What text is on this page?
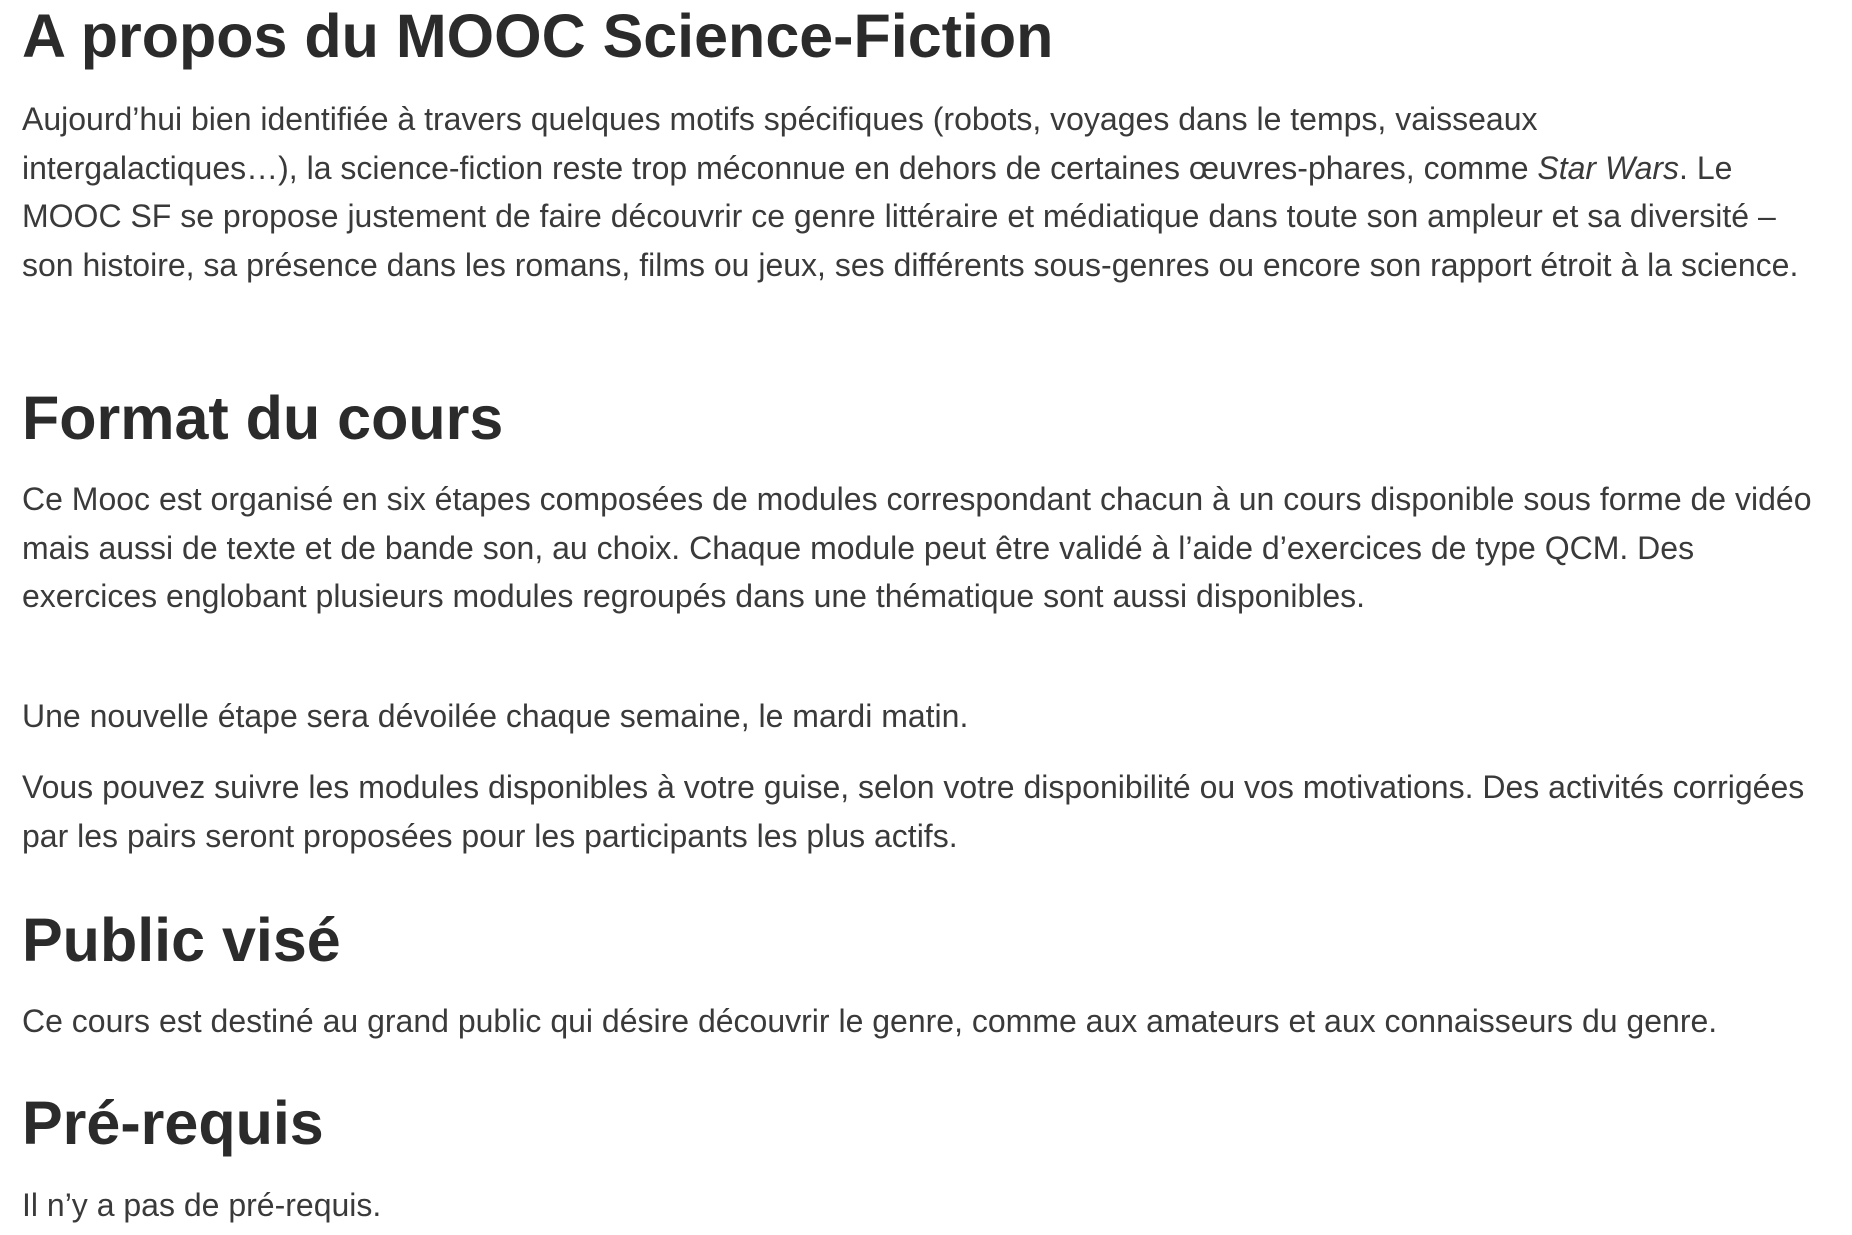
A propos du MOOC Science-Fiction

Aujourd’hui bien identifiée à travers quelques motifs spécifiques (robots, voyages dans le temps, vaisseaux intergalactiques…), la science-fiction reste trop méconnue en dehors de certaines œuvres-phares, comme Star Wars. Le MOOC SF se propose justement de faire découvrir ce genre littéraire et médiatique dans toute son ampleur et sa diversité – son histoire, sa présence dans les romans, films ou jeux, ses différents sous-genres ou encore son rapport étroit à la science.

Format du cours

Ce Mooc est organisé en six étapes composées de modules correspondant chacun à un cours disponible sous forme de vidéo mais aussi de texte et de bande son, au choix. Chaque module peut être validé à l’aide d’exercices de type QCM. Des exercices englobant plusieurs modules regroupés dans une thématique sont aussi disponibles.

Une nouvelle étape sera dévoilée chaque semaine, le mardi matin.

Vous pouvez suivre les modules disponibles à votre guise, selon votre disponibilité ou vos motivations. Des activités corrigées par les pairs seront proposées pour les participants les plus actifs.

Public visé

Ce cours est destiné au grand public qui désire découvrir le genre, comme aux amateurs et aux connaisseurs du genre.

Pré-requis

Il n’y a pas de pré-requis.
